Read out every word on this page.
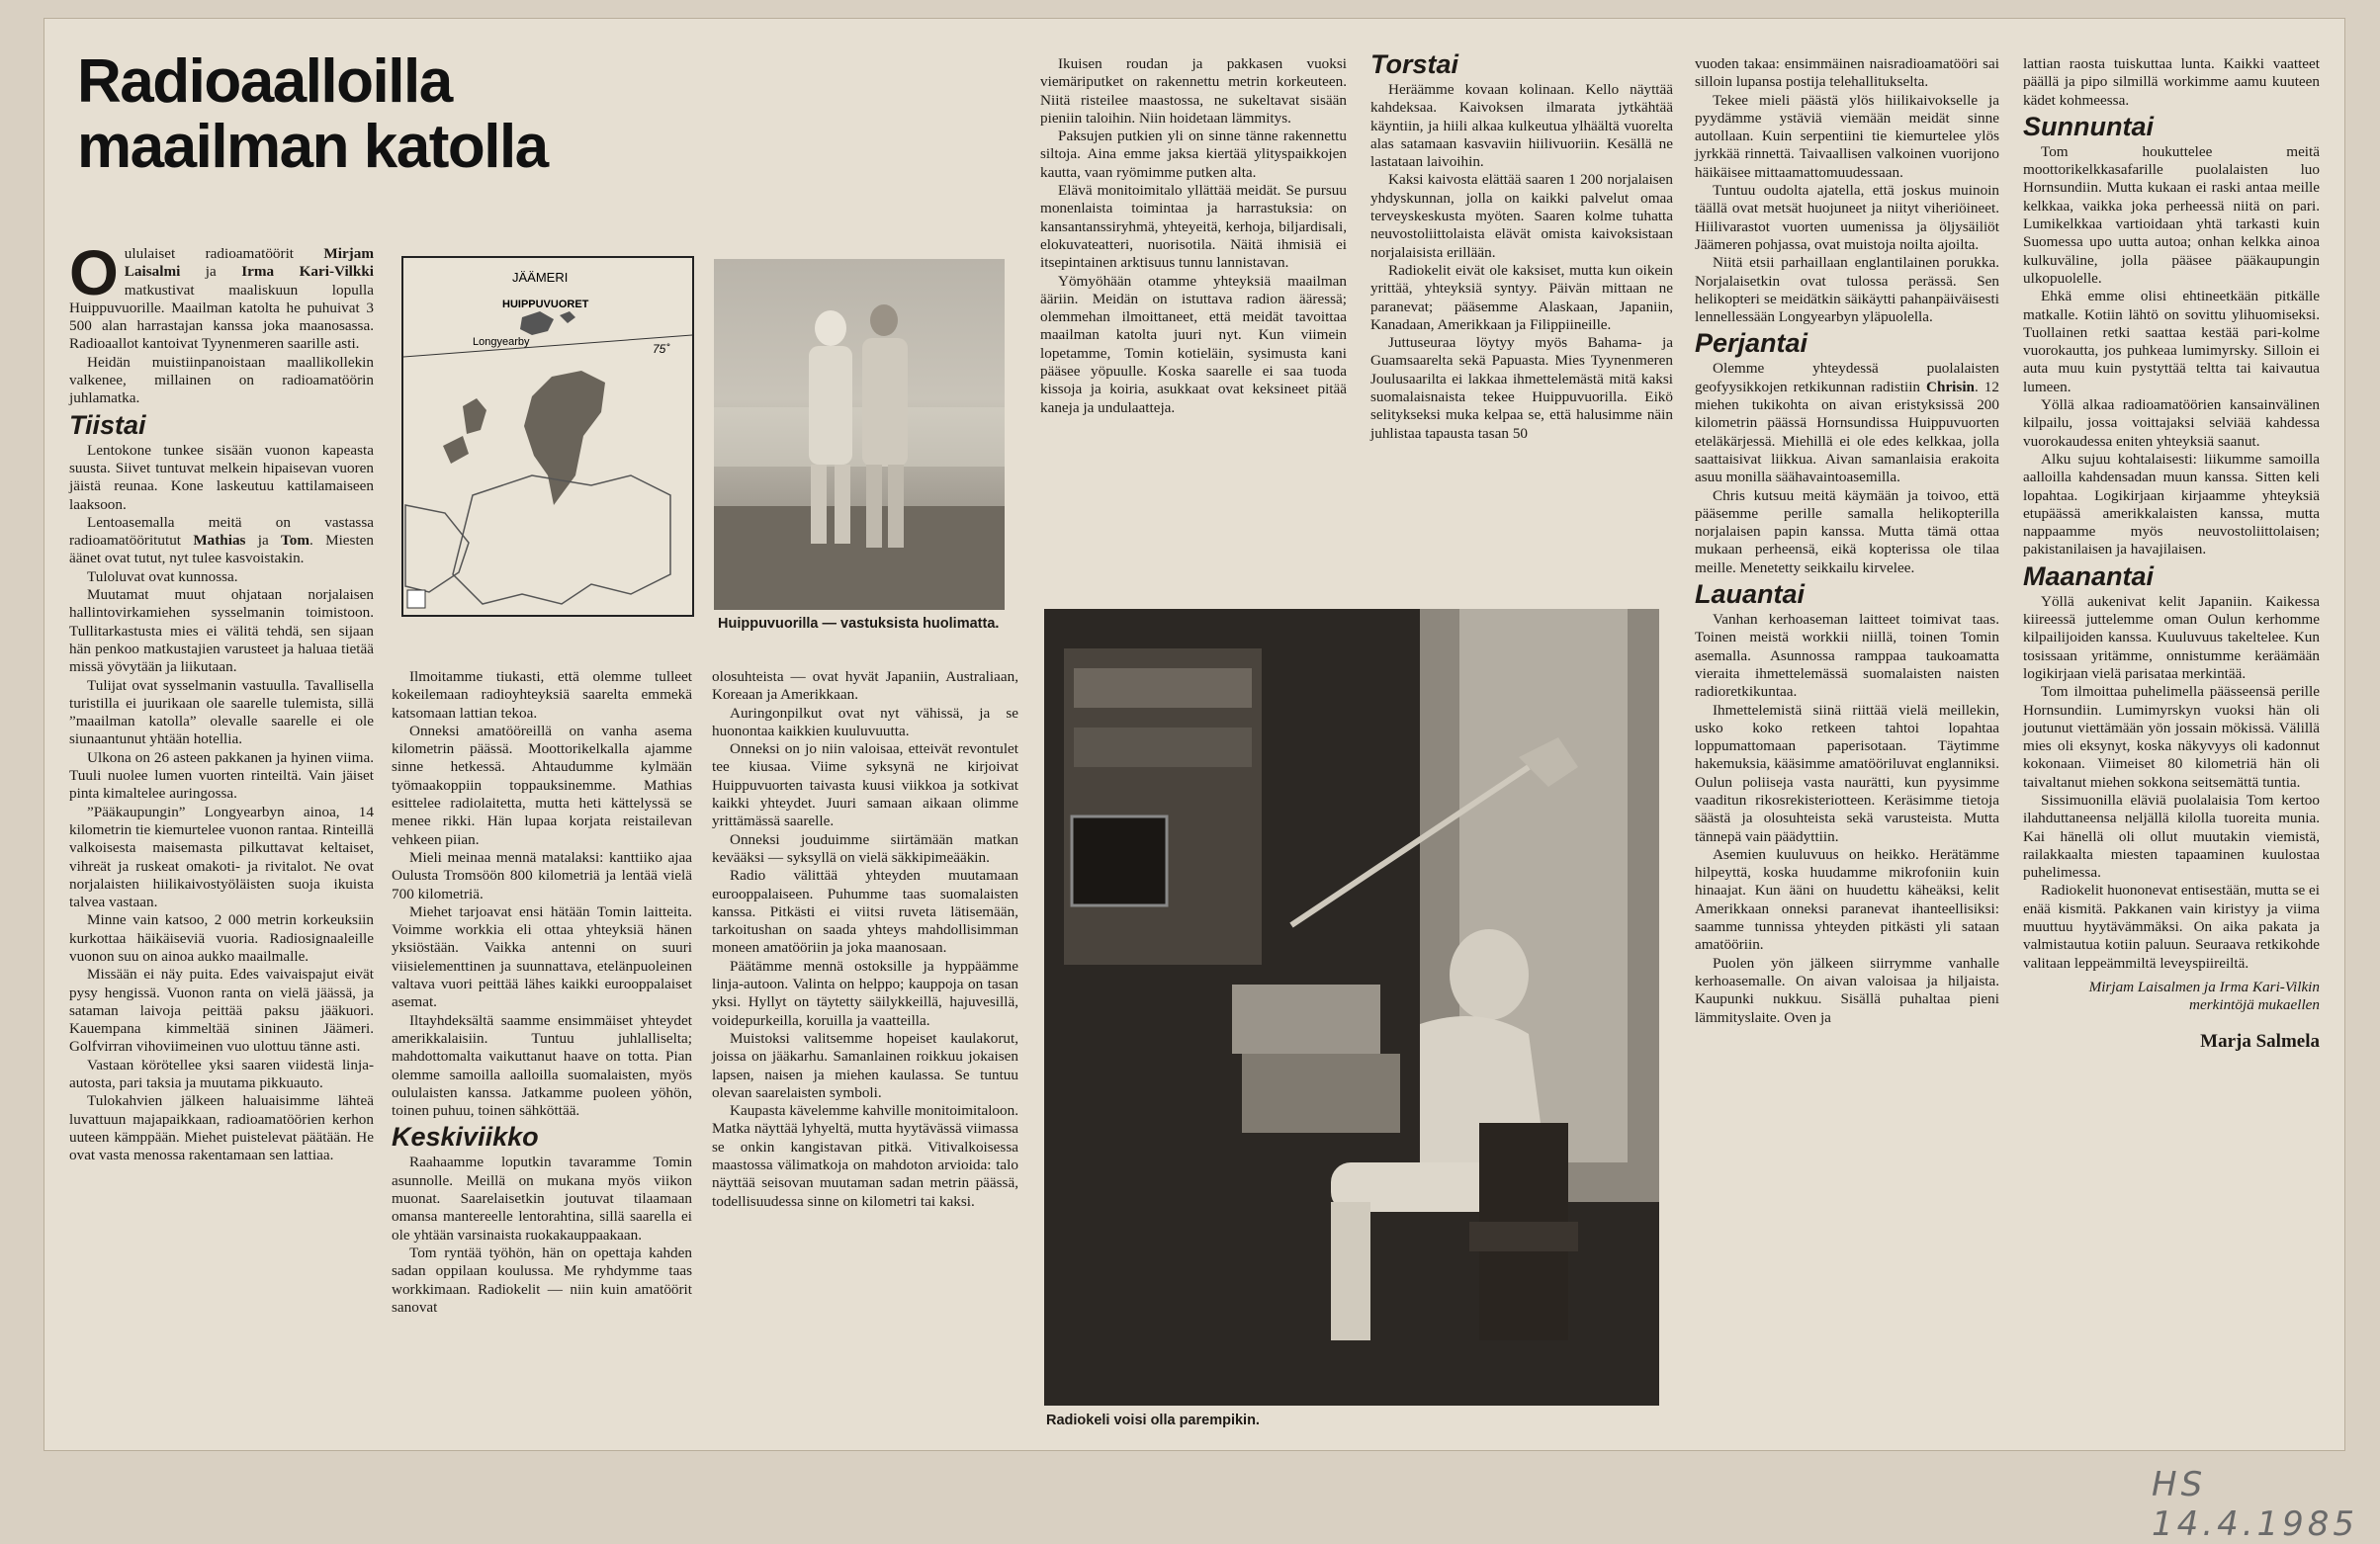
Radioaalloilla maailman katolla

Oululaiset radioamatöörit Mirjam Laisalmi ja Irma Kari-Vilkki matkustivat maaliskuun lopulla Huippuvuorille. Maailman katolta he puhuivat 3 500 alan harrastajan kanssa joka maanosassa. Radioaallot kantoivat Tyynenmeren saarille asti.

Heidän muistiinpanoistaan maallikollekin valkenee, millainen on radioamatöörin juhlamatka.

Tiistai

Lentokone tunkee sisään vuonon kapeasta suusta. Siivet tuntuvat melkein hipaisevan vuoren jäistä reunaa. Kone laskeutuu kattilamaiseen laaksoon.

Lentoasemalla meitä on vastassa radioamatööritutut Mathias ja Tom. Miesten äänet ovat tutut, nyt tulee kasvoistakin.

Tuloluvat ovat kunnossa.

Muutamat muut ohjataan norjalaisen hallintovirkamiehen sysselmanin toimistoon. Tullitarkastusta mies ei välitä tehdä, sen sijaan hän penkoo matkustajien varusteet ja haluaa tietää missä yövytään ja liikutaan.

Tulijat ovat sysselmanin vastuulla. Tavallisella turistilla ei juurikaan ole saarelle tulemista, sillä ”maailman katolla” olevalle saarelle ei ole siunaantunut yhtään hotellia.

Ulkona on 26 asteen pakkanen ja hyinen viima. Tuuli nuolee lumen vuorten rinteiltä. Vain jäiset pinta kimaltelee auringossa.

”Pääkaupungin” Longyearbyn ainoa, 14 kilometrin tie kiemurtelee vuonon rantaa. Rinteillä valkoisesta maisemasta pilkuttavat keltaiset, vihreät ja ruskeat omakoti- ja rivitalot. Ne ovat norjalaisten hiilikaivostyöläisten suoja ikuista talvea vastaan.

Minne vain katsoo, 2 000 metrin korkeuksiin kurkottaa häikäiseviä vuoria. Radiosignaaleille vuonon suu on ainoa aukko maailmalle.

Missään ei näy puita. Edes vaivaispajut eivät pysy hengissä. Vuonon ranta on vielä jäässä, ja sataman laivoja peittää paksu jääkuori. Kauempana kimmeltää sininen Jäämeri. Golfvirran vihoviimeinen vuo ulottuu tänne asti.

Vastaan körötellee yksi saaren viidestä linja-autosta, pari taksia ja muutama pikkuauto.

Tulokahvien jälkeen haluaisimme lähteä luvattuun majapaikkaan, radioamatöörien kerhon uuteen kämppään. Miehet puistelevat päätään. He ovat vasta menossa rakentamaan sen lattiaa.

JÄÄMERI
HUIPPUVUORET
Longyearby	75˚
Huippuvuorilla — vastuksista huolimatta.

Ilmoitamme tiukasti, että olemme tulleet kokeilemaan radioyhteyksiä saarelta emmekä katsomaan lattian tekoa.

Onneksi amatööreillä on vanha asema kilometrin päässä. Moottorikelkalla ajamme sinne hetkessä. Ahtaudumme kylmään työmaakoppiin toppauksinemme. Mathias esittelee radiolaitetta, mutta heti kättelyssä se menee rikki. Hän lupaa korjata reistailevan vehkeen piian.

Mieli meinaa mennä matalaksi: kanttiiko ajaa Oulusta Tromsöön 800 kilometriä ja lentää vielä 700 kilometriä.

Miehet tarjoavat ensi hätään Tomin laitteita. Voimme workkia eli ottaa yhteyksiä hänen yksiöstään. Vaikka antenni on suuri viisielementtinen ja suunnattava, etelänpuoleinen valtava vuori peittää lähes kaikki eurooppalaiset asemat.

Iltayhdeksältä saamme ensimmäiset yhteydet amerikkalaisiin. Tuntuu juhlalliselta; mahdottomalta vaikuttanut haave on totta. Pian olemme samoilla aalloilla suomalaisten, myös oululaisten kanssa. Jatkamme puoleen yöhön, toinen puhuu, toinen sähköttää.

Keskiviikko

Raahaamme loputkin tavaramme Tomin asunnolle. Meillä on mukana myös viikon muonat. Saarelaisetkin joutuvat tilaamaan omansa mantereelle lentorahtina, sillä saarella ei ole yhtään varsinaista ruokakauppaakaan.

Tom ryntää työhön, hän on opettaja kahden sadan oppilaan koulussa. Me ryhdymme taas workkimaan. Radiokelit — niin kuin amatöörit sanovat

Ikuisen roudan ja pakkasen vuoksi viemäriputket on rakennettu metrin korkeuteen. Niitä risteilee maastossa, ne sukeltavat sisään pieniin taloihin. Niin hoidetaan lämmitys.

Paksujen putkien yli on sinne tänne rakennettu siltoja. Aina emme jaksa kiertää ylityspaikkojen kautta, vaan ryömimme putken alta.

Elävä monitoimitalo yllättää meidät. Se pursuu monenlaista toimintaa ja harrastuksia: on kansantanssiryhmä, yhteyeitä, kerhoja, biljardisali, elokuvateatteri, nuorisotila. Näitä ihmisiä ei itsepintainen arktisuus tunnu lannistavan.

Yömyöhään otamme yhteyksiä maailman ääriin. Meidän on istuttava radion ääressä; olemmehan ilmoittaneet, että meidät tavoittaa maailman katolta juuri nyt. Kun viimein lopetamme, Tomin kotieläin, sysimusta kani pääsee yöpuulle. Koska saarelle ei saa tuoda kissoja ja koiria, asukkaat ovat keksineet pitää kaneja ja undulaatteja.

olosuhteista — ovat hyvät Japaniin, Australiaan, Koreaan ja Amerikkaan.

Auringonpilkut ovat nyt vähissä, ja se huonontaa kaikkien kuuluvuutta.

Onneksi on jo niin valoisaa, etteivät revontulet tee kiusaa. Viime syksynä ne kirjoivat Huippuvuorten taivasta kuusi viikkoa ja sotkivat kaikki yhteydet. Juuri samaan aikaan olimme yrittämässä saarelle.

Onneksi jouduimme siirtämään matkan kevääksi — syksyllä on vielä säkkipimeääkin.

Radio välittää yhteyden muutamaan eurooppalaiseen. Puhumme taas suomalaisten kanssa. Pitkästi ei viitsi ruveta lätisemään, tarkoitushan on saada yhteys mahdollisimman moneen amatööriin ja joka maanosaan.

Päätämme mennä ostoksille ja hyppäämme linja-autoon. Valinta on helppo; kauppoja on tasan yksi. Hyllyt on täytetty säilykkeillä, hajuvesillä, voidepurkeilla, koruilla ja vaatteilla.

Muistoksi valitsemme hopeiset kaulakorut, joissa on jääkarhu. Samanlainen roikkuu jokaisen lapsen, naisen ja miehen kaulassa. Se tuntuu olevan saarelaisten symboli.

Kaupasta kävelemme kahville monitoimitaloon. Matka näyttää lyhyeltä, mutta hyytävässä viimassa se onkin kangistavan pitkä. Vitivalkoisessa maastossa välimatkoja on mahdoton arvioida: talo näyttää seisovan muutaman sadan metrin päässä, todellisuudessa sinne on kilometri tai kaksi.

Radiokeli voisi olla parempikin.

Torstai

Heräämme kovaan kolinaan. Kello näyttää kahdeksaa. Kaivoksen ilmaratа jytkähtää käyntiin, ja hiili alkaa kulkeutua ylhäältä vuorelta alas satamaan kasvaviin hiilivuoriin. Kesällä ne lastataan laivoihin.

Kaksi kaivosta elättää saaren 1 200 norjalaisen yhdyskunnan, jolla on kaikki palvelut omaa terveyskeskusta myöten. Saaren kolme tuhatta neuvostoliittolaista elävät omista kaivoksistaan norjalaisista erillään.

Radiokelit eivät ole kaksiset, mutta kun oikein yrittää, yhteyksiä syntyy. Päivän mittaan ne paranevat; pääsemme Alaskaan, Japaniin, Kanadaan, Amerikkaan ja Filippiineille.

Juttuseuraa löytyy myös Bahama- ja Guamsaarelta sekä Papuasta. Mies Tyynenmeren Joulusaarilta ei lakkaa ihmettelemästä mitä kaksi suomalaisnaista tekee Huippuvuorilla. Eikö selitykseksi muka kelpaa se, että halusimme näin juhlistaa tapausta tasan 50

vuoden takaa: ensimmäinen naisradioamatööri sai silloin lupansa postija telehallitukselta.

Tekee mieli päästä ylös hiilikaivokselle ja pyydämme ystäviä viemään meidät sinne autollaan. Kuin serpentiini tie kiemurtelee ylös jyrkkää rinnettä. Taivaallisen valkoinen vuorijono häikäisee mittaamattomuudessaan.

Tuntuu oudolta ajatella, että joskus muinoin täällä ovat metsät huojuneet ja niityt viheriöineet. Hiilivarastot vuorten uumenissa ja öljysäiliöt Jäämeren pohjassa, ovat muistoja noilta ajoilta.

Niitä etsii parhaillaan englantilainen porukka. Norjalaisetkin ovat tulossa perässä. Sen helikopteri se meidätkin säikäytti pahanpäiväisesti lennellessään Longyearbyn yläpuolella.

Perjantai

Olemme yhteydessä puolalaisten geofyysikkojen retkikunnan radistiin Chrisin. 12 miehen tukikohta on aivan eristyksissä 200 kilometrin päässä Hornsundissa Huippuvuorten eteläkärjessä. Miehillä ei ole edes kelkkaa, jolla saattaisivat liikkua. Aivan samanlaisia erakoita asuu monilla säähavaintoasemilla.

Chris kutsuu meitä käymään ja toivoo, että pääsemme perille samalla helikopterilla norjalaisen papin kanssa. Mutta tämä ottaa mukaan perheensä, eikä kopterissa ole tilaa meille. Menetetty seikkailu kirvelee.

Lauantai

Vanhan kerhoaseman laitteet toimivat taas. Toinen meistä workkii niillä, toinen Tomin asemalla. Asunnossa ramppaa taukoamatta vieraita ihmettelemässä suomalaisten naisten radioretkikuntaa.

Ihmettelemistä siinä riittää vielä meillekin, usko koko retkeen tahtoi lopahtaa loppumattomaan paperisotaan. Täytimme hakemuksia, kääsimme amatööriluvat englanniksi. Oulun poliiseja vasta naurätti, kun pyysimme vaaditun rikosrekisteriotteen. Keräsimme tietoja säästä ja olosuhteista sekä varusteista. Mutta tännepä vain päädyttiin.

Asemien kuuluvuus on heikko. Herätämme hilpeyttä, koska huudamme mikrofoniin kuin hinaajat. Kun ääni on huudettu käheäksi, kelit Amerikkaan onneksi paranevat ihanteellisiksi: saamme tunnissa yhteyden pitkästi yli sataan amatööriin.

Puolen yön jälkeen siirrymme vanhalle kerhoasemalle. On aivan valoisaa ja hiljaista. Kaupunki nukkuu. Sisällä puhaltaa pieni lämmityslaite. Oven ja

lattian raosta tuiskuttaa lunta. Kaikki vaatteet päällä ja pipo silmillä workimme aamu kuuteen kädet kohmeessa.

Sunnuntai

Tom houkuttelee meitä moottorikelkkasafarille puolalaisten luo Hornsundiin. Mutta kukaan ei raski antaa meille kelkkaa, vaikka joka perheessä niitä on pari. Lumikelkkaa vartioidaan yhtä tarkasti kuin Suomessa upo uutta autoa; onhan kelkka ainoa kulkuväline, jolla pääsee pääkaupungin ulkopuolelle.

Ehkä emme olisi ehtineetkään pitkälle matkalle. Kotiin lähtö on sovittu ylihuomiseksi. Tuollainen retki saattaa kestää pari-kolme vuorokautta, jos puhkeaa lumimyrsky. Silloin ei auta muu kuin pystyttää teltta tai kaivautua lumeen.

Yöllä alkaa radioamatöörien kansainvälinen kilpailu, jossa voittajaksi selviää kahdessa vuorokaudessa eniten yhteyksiä saanut.

Alku sujuu kohtalaisesti: liikumme samoilla aalloilla kahdensadan muun kanssa. Sitten keli lopahtaa. Logikirjaan kirjaamme yhteyksiä etupäässä amerikkalaisten kanssa, mutta nappaamme myös neuvostoliittolaisen; pakistanilaisen ja havajilaisen.

Maanantai

Yöllä aukenivat kelit Japaniin. Kaikessa kiireessä juttelemme oman Oulun kerhomme kilpailijoiden kanssa. Kuuluvuus takeltelee. Kun tosissaan yritämme, onnistumme keräämään logikirjaan vielä parisataa merkintää.

Tom ilmoittaa puhelimella päässeensä perille Hornsundiin. Lumimyrskyn vuoksi hän oli joutunut viettämään yön jossain mökissä. Välillä mies oli eksynyt, koska näkyvyys oli kadonnut kokonaan. Viimeiset 80 kilometriä hän oli taivaltanut miehen sokkona seitsemättä tuntia.

Sissimuonilla eläviä puolalaisia Tom kertoo ilahduttaneensa neljällä kilolla tuoreita munia. Kai hänellä oli ollut muutakin viemistä, railakkaalta miesten tapaaminen kuulostaa puhelimessa.

Radiokelit huononevat entisestään, mutta se ei enää kismitä. Pakkanen vain kiristyy ja viima muuttuu hyytävämmäksi. On aika pakata ja valmistautua kotiin paluun. Seuraava retkikohde valitaan leppeämmiltä leveyspiireiltä.

Mirjam Laisalmen ja Irma Kari-Vilkin merkintöjä mukaellen

Marja Salmela

HS 14.4.1985
